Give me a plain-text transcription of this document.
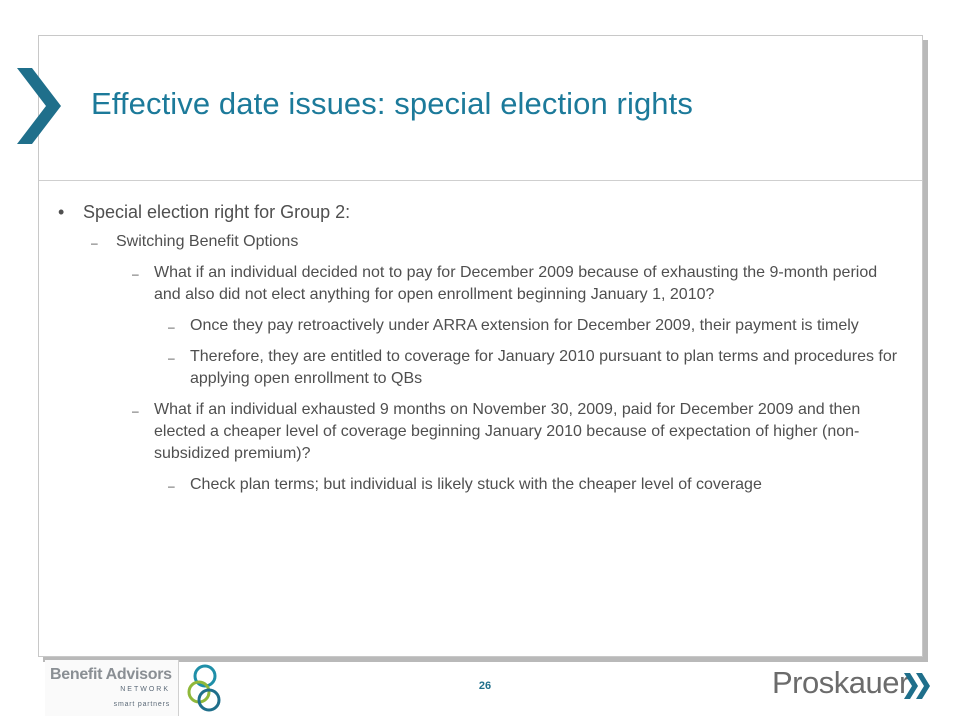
Effective date issues: special election rights
• Special election right for Group 2:
– Switching Benefit Options
– What if an individual decided not to pay for December 2009 because of exhausting the 9-month period and also did not elect anything for open enrollment beginning January 1, 2010?
– Once they pay retroactively under ARRA extension for December 2009, their payment is timely
– Therefore, they are entitled to coverage for January 2010 pursuant to plan terms and procedures for applying open enrollment to QBs
– What if an individual exhausted 9 months on November 30, 2009, paid for December 2009 and then elected a cheaper level of coverage beginning January 2010 because of expectation of higher (non-subsidized premium)?
– Check plan terms; but individual is likely stuck with the cheaper level of coverage
Benefit Advisors
NETWORK
smart partners
26	Proskauer
